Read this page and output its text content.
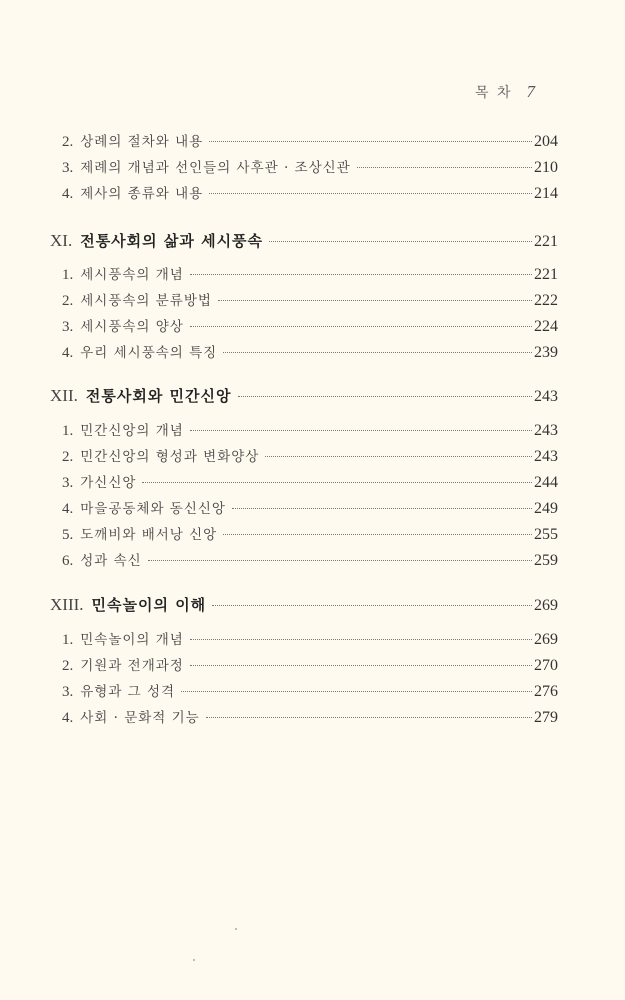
목 차 7
2. 상례의 절차와 내용	204
3. 제례의 개념과 선인들의 사후관 · 조상신관	210
4. 제사의 종류와 내용	214
XI. 전통사회의 삶과 세시풍속	221
1. 세시풍속의 개념	221
2. 세시풍속의 분류방법	222
3. 세시풍속의 양상	224
4. 우리 세시풍속의 특징	239
XII. 전통사회와 민간신앙	243
1. 민간신앙의 개념	243
2. 민간신앙의 형성과 변화양상	243
3. 가신신앙	244
4. 마을공동체와 동신신앙	249
5. 도깨비와 배서낭 신앙	255
6. 성과 속신	259
XIII. 민속놀이의 이해	269
1. 민속놀이의 개념	269
2. 기원과 전개과정	270
3. 유형과 그 성격	276
4. 사회 · 문화적 기능	279
